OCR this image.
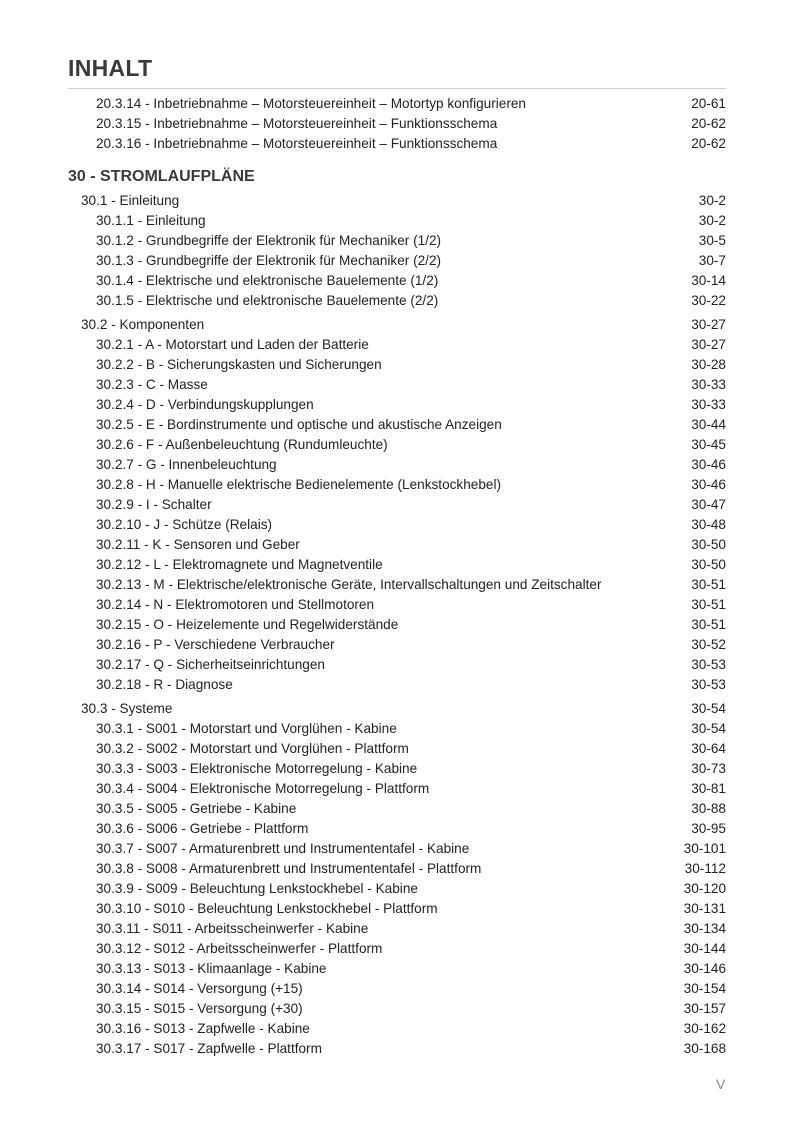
INHALT
20.3.14 - Inbetriebnahme – Motorsteuereinheit – Motortyp konfigurieren	20-61
20.3.15 - Inbetriebnahme – Motorsteuereinheit – Funktionsschema	20-62
20.3.16 - Inbetriebnahme – Motorsteuereinheit – Funktionsschema	20-62
30 - STROMLAUFPLÄNE
30.1 - Einleitung	30-2
30.1.1 - Einleitung	30-2
30.1.2 - Grundbegriffe der Elektronik für Mechaniker (1/2)	30-5
30.1.3 - Grundbegriffe der Elektronik für Mechaniker (2/2)	30-7
30.1.4 - Elektrische und elektronische Bauelemente (1/2)	30-14
30.1.5 - Elektrische und elektronische Bauelemente (2/2)	30-22
30.2 - Komponenten	30-27
30.2.1 - A - Motorstart und Laden der Batterie	30-27
30.2.2 - B - Sicherungskasten und Sicherungen	30-28
30.2.3 - C - Masse	30-33
30.2.4 - D - Verbindungskupplungen	30-33
30.2.5 - E - Bordinstrumente und optische und akustische Anzeigen	30-44
30.2.6 - F - Außenbeleuchtung (Rundumleuchte)	30-45
30.2.7 - G - Innenbeleuchtung	30-46
30.2.8 - H - Manuelle elektrische Bedienelemente (Lenkstockhebel)	30-46
30.2.9 - I - Schalter	30-47
30.2.10 - J - Schütze (Relais)	30-48
30.2.11 - K - Sensoren und Geber	30-50
30.2.12 - L - Elektromagnete und Magnetventile	30-50
30.2.13 - M - Elektrische/elektronische Geräte, Intervallschaltungen und Zeitschalter	30-51
30.2.14 - N - Elektromotoren und Stellmotoren	30-51
30.2.15 - O - Heizelemente und Regelwiderstände	30-51
30.2.16 - P - Verschiedene Verbraucher	30-52
30.2.17 - Q - Sicherheitseinrichtungen	30-53
30.2.18 - R - Diagnose	30-53
30.3 - Systeme	30-54
30.3.1 - S001 - Motorstart und Vorglühen - Kabine	30-54
30.3.2 - S002 - Motorstart und Vorglühen - Plattform	30-64
30.3.3 - S003 - Elektronische Motorregelung - Kabine	30-73
30.3.4 - S004 - Elektronische Motorregelung - Plattform	30-81
30.3.5 - S005 - Getriebe - Kabine	30-88
30.3.6 - S006 - Getriebe - Plattform	30-95
30.3.7 - S007 - Armaturenbrett und Instrumententafel - Kabine	30-101
30.3.8 - S008 - Armaturenbrett und Instrumententafel - Plattform	30-112
30.3.9 - S009 - Beleuchtung Lenkstockhebel - Kabine	30-120
30.3.10 - S010 - Beleuchtung Lenkstockhebel - Plattform	30-131
30.3.11 - S011 - Arbeitsscheinwerfer - Kabine	30-134
30.3.12 - S012 - Arbeitsscheinwerfer - Plattform	30-144
30.3.13 - S013 - Klimaanlage - Kabine	30-146
30.3.14 - S014 - Versorgung (+15)	30-154
30.3.15 - S015 - Versorgung (+30)	30-157
30.3.16 - S013 - Zapfwelle - Kabine	30-162
30.3.17 - S017 - Zapfwelle - Plattform	30-168
V
